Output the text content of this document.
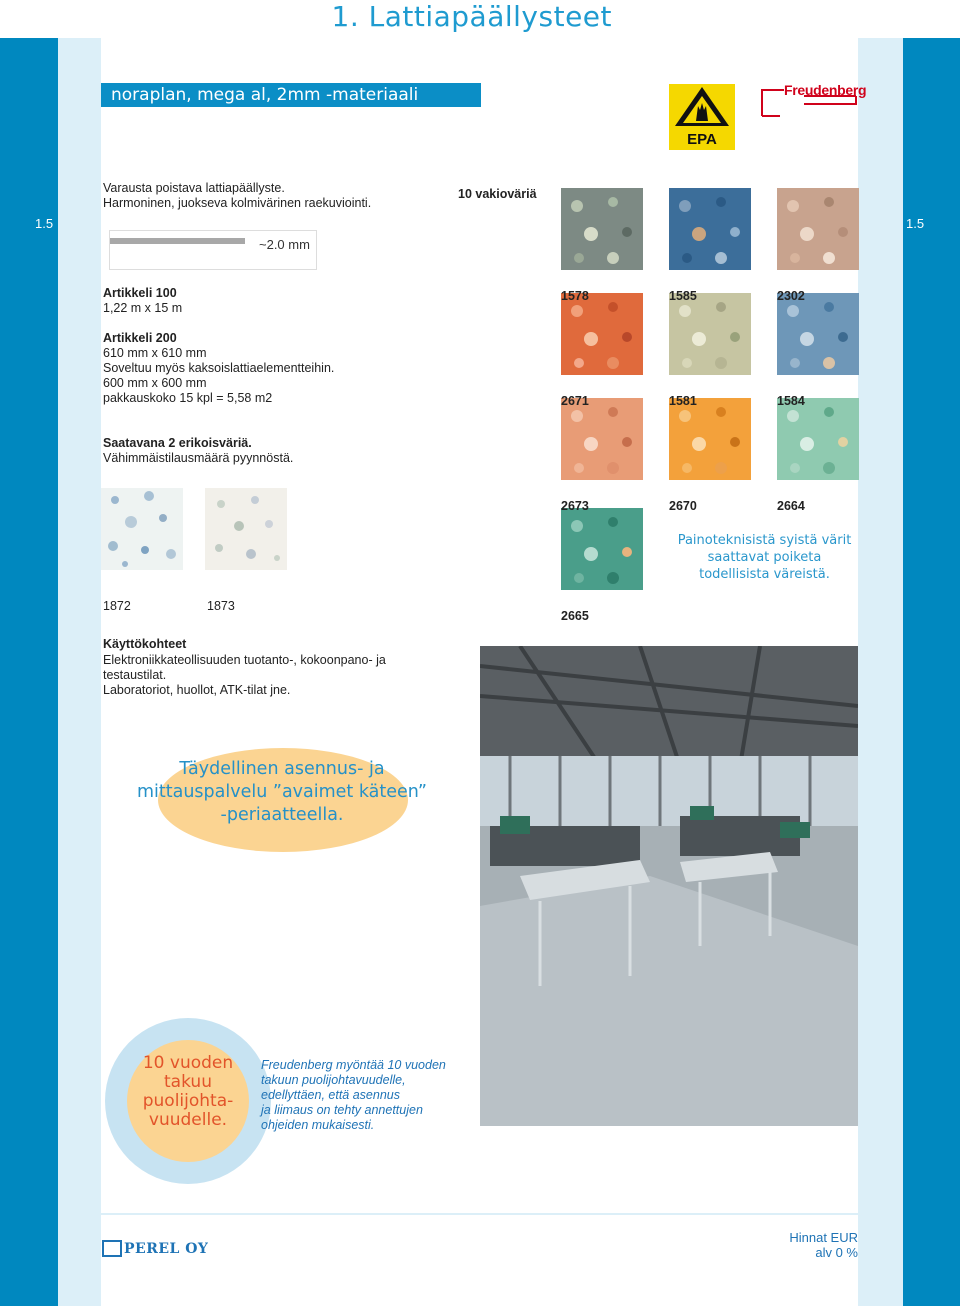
1. Lattiapäällysteet
1.5	1.5
noraplan, mega al, 2mm -materiaali
EPA
Freudenberg

Varausta poistava lattiapäällyste.

Harmoninen, juokseva kolmivärinen raekuviointi.

~2.0 mm

Artikkeli 100

1,22 m x 15 m

Artikkeli 200

610 mm x 610 mm

Soveltuu myös kaksoislattiaelementteihin.

600 mm x 600 mm

pakkauskoko 15 kpl = 5,58 m2

Saatavana 2 erikoisväriä.

Vähimmäistilausmäärä pyynnöstä.

1872	1873

10 vakioväriä

1578	1585	2302

2671	1581	1584

2673	2670	2664

2665

Painoteknisistä syistä värit
saattavat poiketa
todellisista väreistä.

Käyttökohteet

Elektroniikkateollisuuden tuotanto-, kokoonpano- ja

testaustilat.

Laboratoriot, huollot, ATK-tilat jne.

Täydellinen asennus- ja
mittauspalvelu ”avaimet käteen”
-periaatteella.
10 vuoden
takuu
puolijohta-
vuudelle.
Freudenberg myöntää 10 vuoden
takuun puolijohtavuudelle,
edellyttäen, että asennus
ja liimaus on tehty annettujen
ohjeiden mukaisesti.
PEREL OY
Hinnat EUR
alv 0 %
